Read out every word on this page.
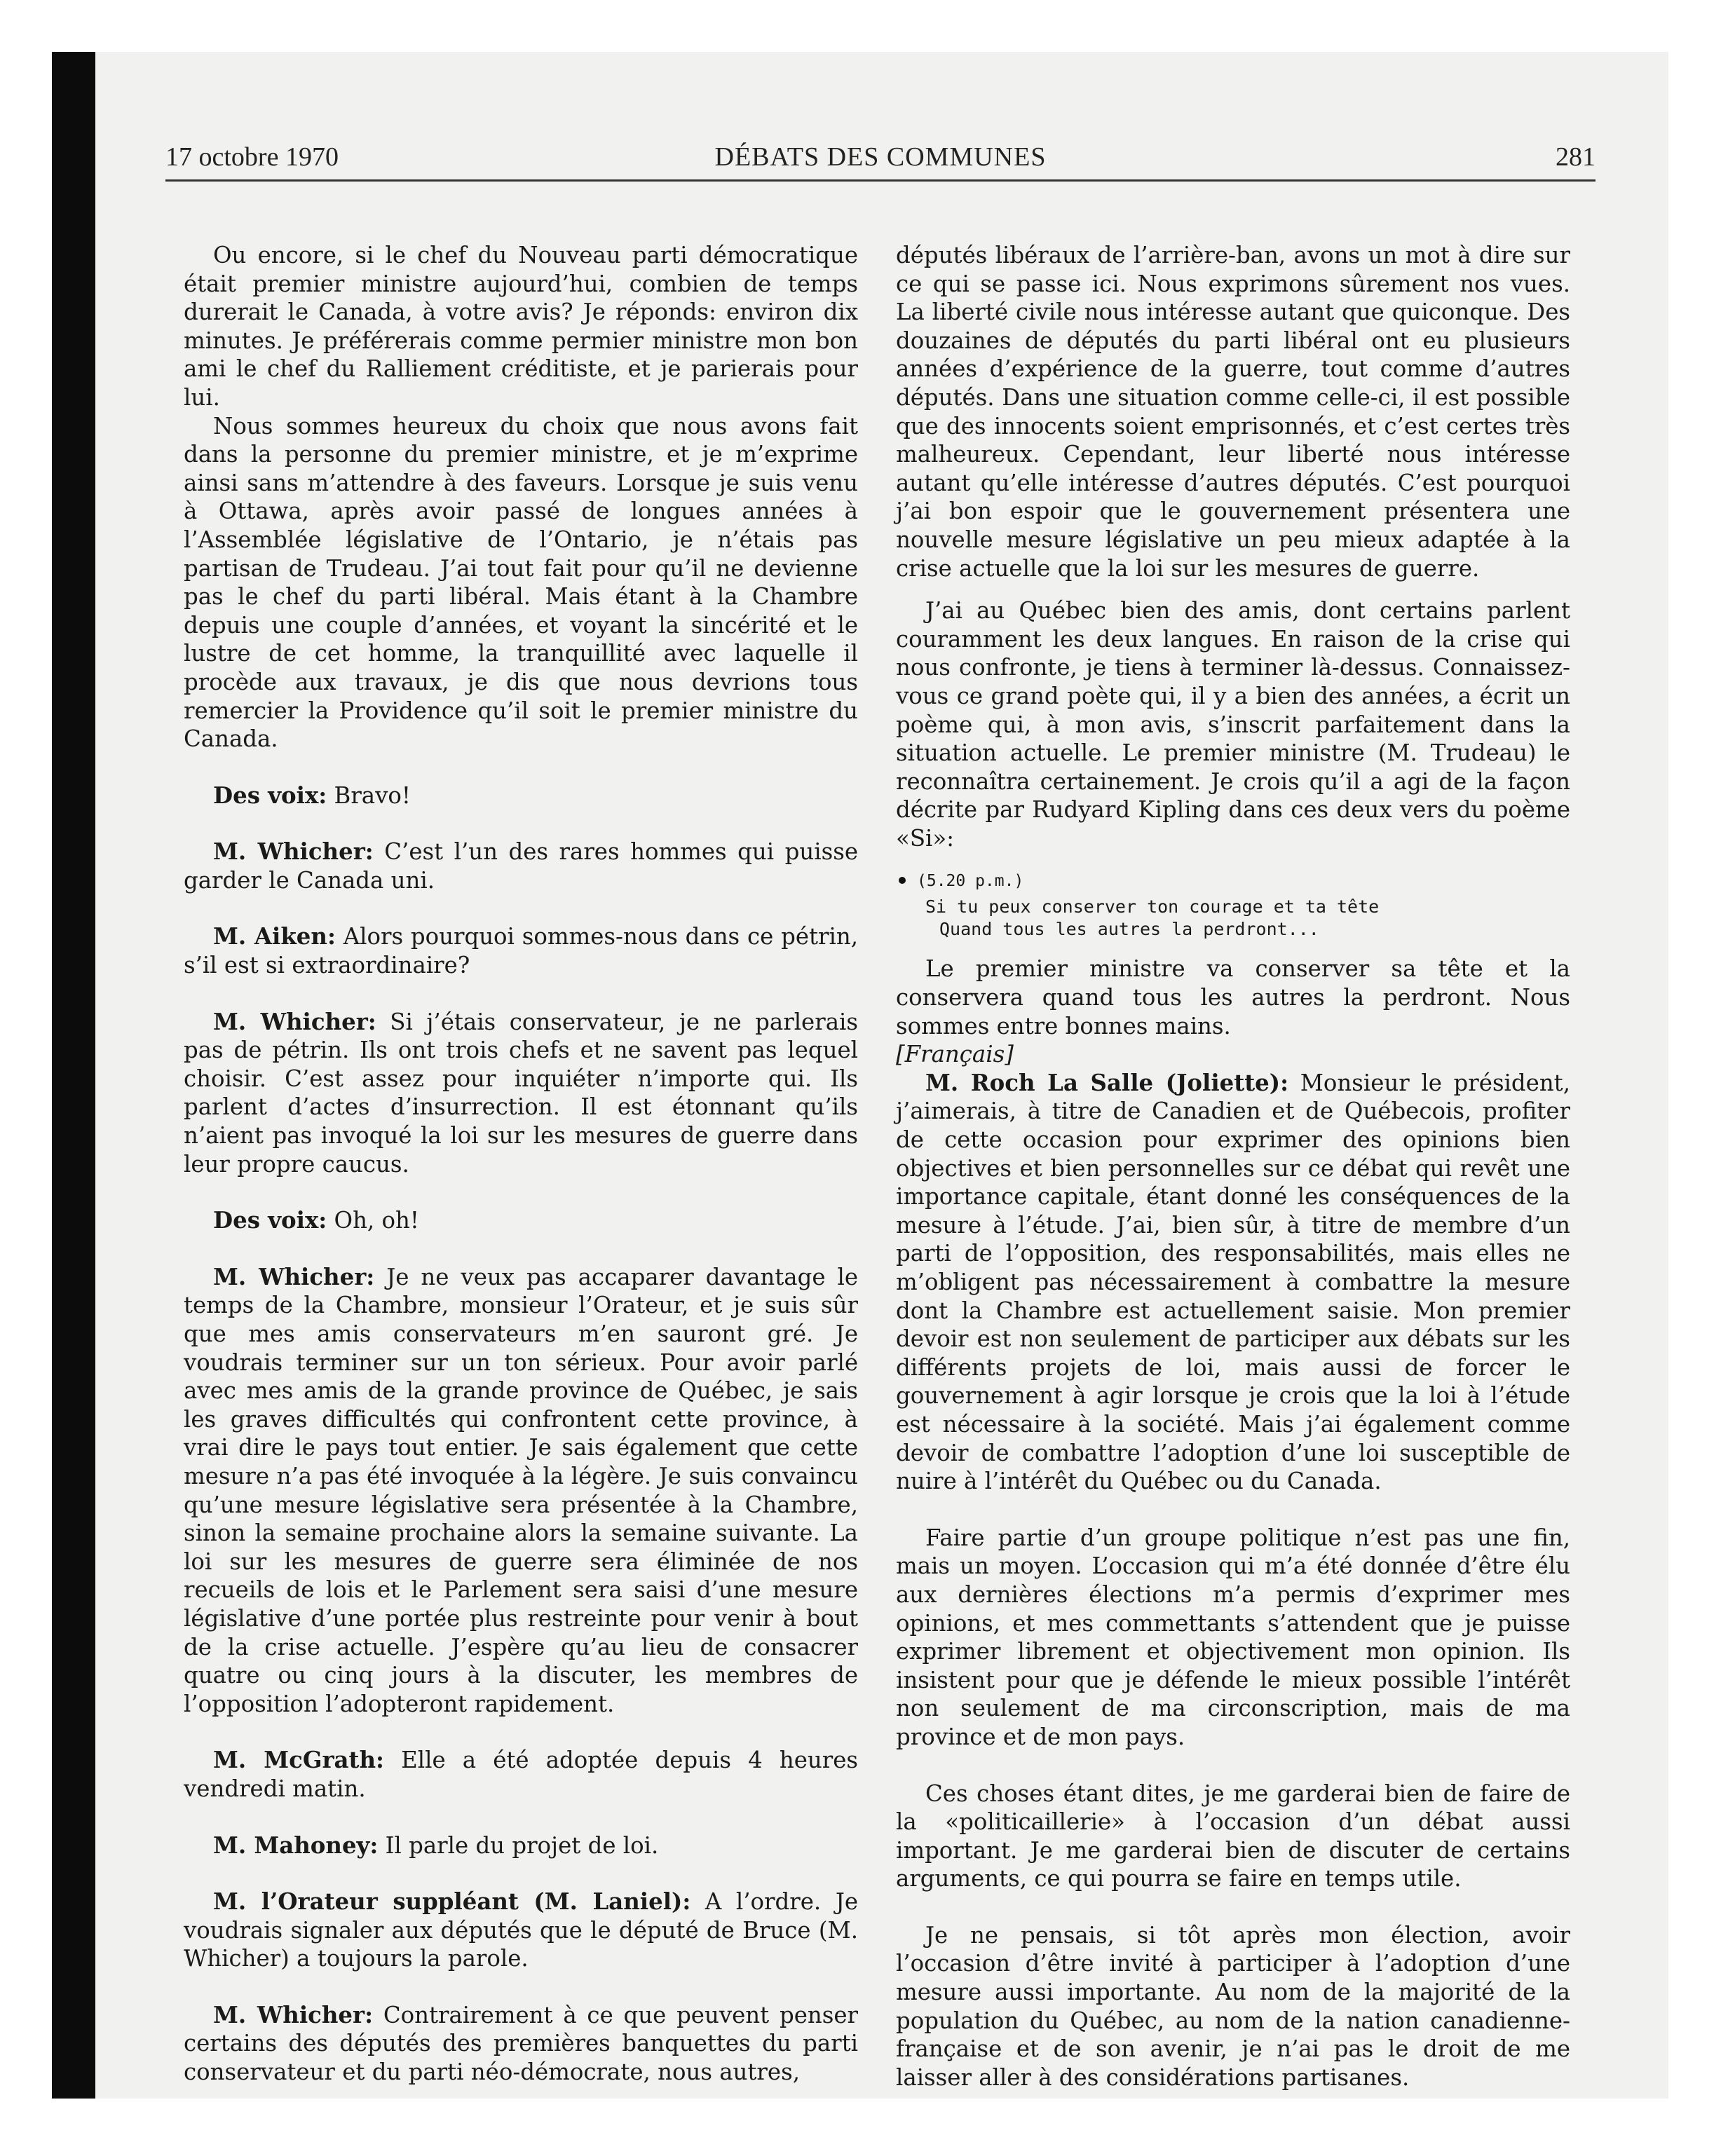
17 octobre 1970	DÉBATS DES COMMUNES	281

Ou encore, si le chef du Nouveau parti démocratique était premier ministre aujourd’hui, combien de temps durerait le Canada, à votre avis? Je réponds: environ dix minutes. Je préférerais comme permier ministre mon bon ami le chef du Ralliement créditiste, et je parierais pour lui.

Nous sommes heureux du choix que nous avons fait dans la personne du premier ministre, et je m’exprime ainsi sans m’attendre à des faveurs. Lorsque je suis venu à Ottawa, après avoir passé de longues années à l’Assemblée législative de l’Ontario, je n’étais pas partisan de Trudeau. J’ai tout fait pour qu’il ne devienne pas le chef du parti libéral. Mais étant à la Chambre depuis une couple d’années, et voyant la sincérité et le lustre de cet homme, la tranquillité avec laquelle il procède aux travaux, je dis que nous devrions tous remercier la Providence qu’il soit le premier ministre du Canada.

Des voix: Bravo!

M. Whicher: C’est l’un des rares hommes qui puisse garder le Canada uni.

M. Aiken: Alors pourquoi sommes-nous dans ce pétrin, s’il est si extraordinaire?

M. Whicher: Si j’étais conservateur, je ne parlerais pas de pétrin. Ils ont trois chefs et ne savent pas lequel choisir. C’est assez pour inquiéter n’importe qui. Ils parlent d’actes d’insurrection. Il est étonnant qu’ils n’aient pas invoqué la loi sur les mesures de guerre dans leur propre caucus.

Des voix: Oh, oh!

M. Whicher: Je ne veux pas accaparer davantage le temps de la Chambre, monsieur l’Orateur, et je suis sûr que mes amis conservateurs m’en sauront gré. Je voudrais terminer sur un ton sérieux. Pour avoir parlé avec mes amis de la grande province de Québec, je sais les graves difficultés qui confrontent cette province, à vrai dire le pays tout entier. Je sais également que cette mesure n’a pas été invoquée à la légère. Je suis convaincu qu’une mesure législative sera présentée à la Chambre, sinon la semaine prochaine alors la semaine suivante. La loi sur les mesures de guerre sera éliminée de nos recueils de lois et le Parlement sera saisi d’une mesure législative d’une portée plus restreinte pour venir à bout de la crise actuelle. J’espère qu’au lieu de consacrer quatre ou cinq jours à la discuter, les membres de l’opposition l’adopteront rapidement.

M. McGrath: Elle a été adoptée depuis 4 heures vendredi matin.

M. Mahoney: Il parle du projet de loi.

M. l’Orateur suppléant (M. Laniel): A l’ordre. Je voudrais signaler aux députés que le député de Bruce (M. Whicher) a toujours la parole.

M. Whicher: Contrairement à ce que peuvent penser certains des députés des premières banquettes du parti conservateur et du parti néo-démocrate, nous autres,

députés libéraux de l’arrière-ban, avons un mot à dire sur ce qui se passe ici. Nous exprimons sûrement nos vues. La liberté civile nous intéresse autant que quiconque. Des douzaines de députés du parti libéral ont eu plusieurs années d’expérience de la guerre, tout comme d’autres députés. Dans une situation comme celle-ci, il est possible que des innocents soient emprisonnés, et c’est certes très malheureux. Cependant, leur liberté nous intéresse autant qu’elle intéresse d’autres députés. C’est pourquoi j’ai bon espoir que le gouvernement présentera une nouvelle mesure législative un peu mieux adaptée à la crise actuelle que la loi sur les mesures de guerre.

J’ai au Québec bien des amis, dont certains parlent couramment les deux langues. En raison de la crise qui nous confronte, je tiens à terminer là-dessus. Connaissez-vous ce grand poète qui, il y a bien des années, a écrit un poème qui, à mon avis, s’inscrit parfaitement dans la situation actuelle. Le premier ministre (M. Trudeau) le reconnaîtra certainement. Je crois qu’il a agi de la façon décrite par Rudyard Kipling dans ces deux vers du poème «Si»:

(5.20 p.m.)
Si tu peux conserver ton courage et ta tête
Quand tous les autres la perdront...

Le premier ministre va conserver sa tête et la conservera quand tous les autres la perdront. Nous sommes entre bonnes mains.

[Français]

M. Roch La Salle (Joliette): Monsieur le président, j’aimerais, à titre de Canadien et de Québecois, profiter de cette occasion pour exprimer des opinions bien objectives et bien personnelles sur ce débat qui revêt une importance capitale, étant donné les conséquences de la mesure à l’étude. J’ai, bien sûr, à titre de membre d’un parti de l’opposition, des responsabilités, mais elles ne m’obligent pas nécessairement à combattre la mesure dont la Chambre est actuellement saisie. Mon premier devoir est non seulement de participer aux débats sur les différents projets de loi, mais aussi de forcer le gouvernement à agir lorsque je crois que la loi à l’étude est nécessaire à la société. Mais j’ai également comme devoir de combattre l’adoption d’une loi susceptible de nuire à l’intérêt du Québec ou du Canada.

Faire partie d’un groupe politique n’est pas une fin, mais un moyen. L’occasion qui m’a été donnée d’être élu aux dernières élections m’a permis d’exprimer mes opinions, et mes commettants s’attendent que je puisse exprimer librement et objectivement mon opinion. Ils insistent pour que je défende le mieux possible l’intérêt non seulement de ma circonscription, mais de ma province et de mon pays.

Ces choses étant dites, je me garderai bien de faire de la «politicaillerie» à l’occasion d’un débat aussi important. Je me garderai bien de discuter de certains arguments, ce qui pourra se faire en temps utile.

Je ne pensais, si tôt après mon élection, avoir l’occasion d’être invité à participer à l’adoption d’une mesure aussi importante. Au nom de la majorité de la population du Québec, au nom de la nation canadienne-française et de son avenir, je n’ai pas le droit de me laisser aller à des considérations partisanes.
